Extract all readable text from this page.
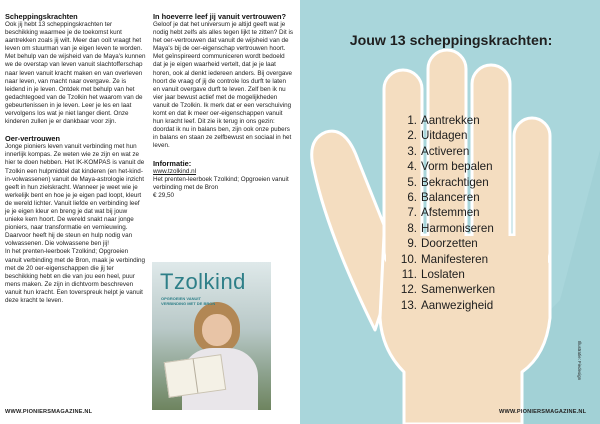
Scheppingskrachten

Ook jij hebt 13 scheppingskrachten ter beschikking waarmee je de toekomst kunt aantrekken zoals jij wilt. Meer dan ooit vraagt het leven om stuurman van je eigen leven te worden. Met behulp van de wijsheid van de Maya's kunnen we de overstap van leven vanuit slachtofferschap naar leven vanuit kracht maken en van overleven naar leven, van macht naar overgave. Ze is leidend in je leven. Ontdek met behulp van het gedachtegoed van de Tzolkin het waarom van de gebeurtenissen in je leven. Leer je les en laat vervolgens los wat je niet langer dient. Onze kinderen zullen je er dankbaar voor zijn.

Oer-vertrouwen

Jonge pioniers leven vanuit verbinding met hun innerlijk kompas. Ze weten wie ze zijn en wat ze hier te doen hebben. Het IK-KOMPAS is vanuit de Tzolkin een hulpmiddel dat kinderen (en het-kind-in-volwassenen) vanuit de Maya-astrologie inzicht geeft in hun zielskracht. Wanneer je weet wie je werkelijk bent en hoe je je eigen pad loopt, kleurt de wereld lichter. Vanuit liefde en verbinding leef je je eigen kleur en breng je dat wat bij jouw unieke kern hoort. De wereld snakt naar jonge pioniers, naar transformatie en vernieuwing. Daarvoor heeft hij de steun en hulp nodig van volwassenen. Die volwassene ben jij!

In het prenten-leerboek Tzolkind; Opgroeien vanuit verbinding met de Bron, maak je verbinding met de 20 oer-eigenschappen die jij ter beschikking hebt en die van jou een heel, puur mens maken. Ze zijn in dichtvorm beschreven vanuit hun kracht. Een toverspreuk helpt je vanuit deze kracht te leven.

In hoeverre leef jij vanuit vertrouwen?

Geloof je dat het universum je altijd geeft wat je nodig hebt zelfs als alles tegen lijkt te zitten? Dit is het oer-vertrouwen dat vanuit de wijsheid van de Maya's bij de oer-eigenschap vertrouwen hoort. Met geïnspireerd communiceren wordt bedoeld dat je je eigen waarheid vertelt, dat je je laat horen, ook al denkt iedereen anders. Bij overgave hoort de vraag of jij de controle los durft te laten en vanuit overgave durft te leven. Zelf ben ik nu vier jaar bewust actief met de mogelijkheden vanuit de Tzolkin. Ik merk dat er een verschuiving komt en dat ik meer oer-eigenschappen vanuit hun kracht leef. Dit zie ik terug in ons gezin: doordat ik nu in balans ben, zijn ook onze pubers in balans en staan ze zelfbewust en sociaal in het leven.

Informatie:

www.tzolkind.nl

Het prenten-leerboek Tzolkind; Opgroeien vanuit verbinding met de Bron

€ 29,50

Tzolkind
OPGROEIEN VANUIT VERBINDING MET DE BRON
WWW.PIONIERSMAGAZINE.NL
Jouw 13 scheppingskrachten:
1. Aantrekken
2. Uitdagen
3. Activeren
4. Vorm bepalen
5. Bekrachtigen
6. Balanceren
7. Afstemmen
8. Harmoniseren
9. Doorzetten
10. Manifesteren
11. Loslaten
12. Samenwerken
13. Aanwezigheid
Illustratie: Fiedesign
WWW.PIONIERSMAGAZINE.NL
